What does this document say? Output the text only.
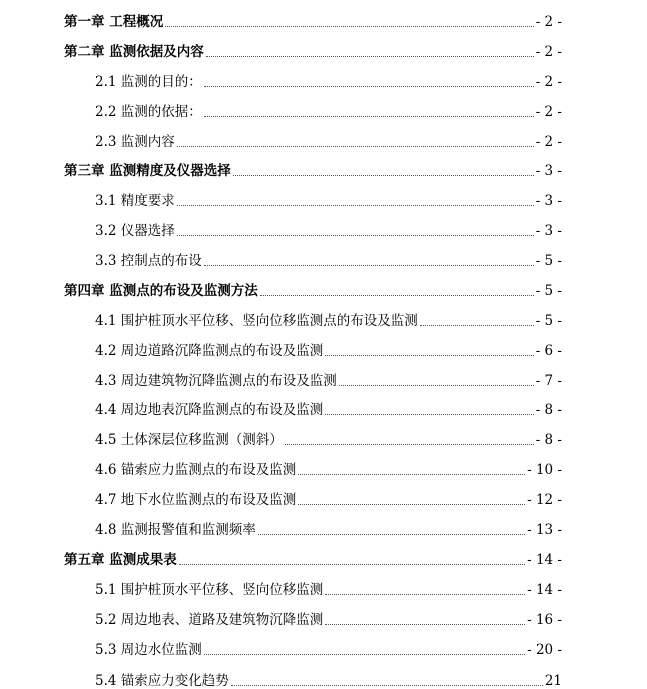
第一章 工程概况	- 2 -
第二章 监测依据及内容	- 2 -
2.1 监测的目的：	- 2 -
2.2 监测的依据：	- 2 -
2.3 监测内容	- 2 -
第三章 监测精度及仪器选择	- 3 -
3.1 精度要求	- 3 -
3.2 仪器选择	- 3 -
3.3 控制点的布设	- 5 -
第四章 监测点的布设及监测方法	- 5 -
4.1 围护桩顶水平位移、竖向位移监测点的布设及监测	- 5 -
4.2 周边道路沉降监测点的布设及监测	- 6 -
4.3 周边建筑物沉降监测点的布设及监测	- 7 -
4.4 周边地表沉降监测点的布设及监测	- 8 -
4.5 土体深层位移监测（测斜）	- 8 -
4.6 锚索应力监测点的布设及监测	- 10 -
4.7 地下水位监测点的布设及监测	- 12 -
4.8 监测报警值和监测频率	- 13 -
第五章 监测成果表	- 14 -
5.1 围护桩顶水平位移、竖向位移监测	- 14 -
5.2 周边地表、道路及建筑物沉降监测	- 16 -
5.3 周边水位监测	- 20 -
5.4 锚索应力变化趋势	21
